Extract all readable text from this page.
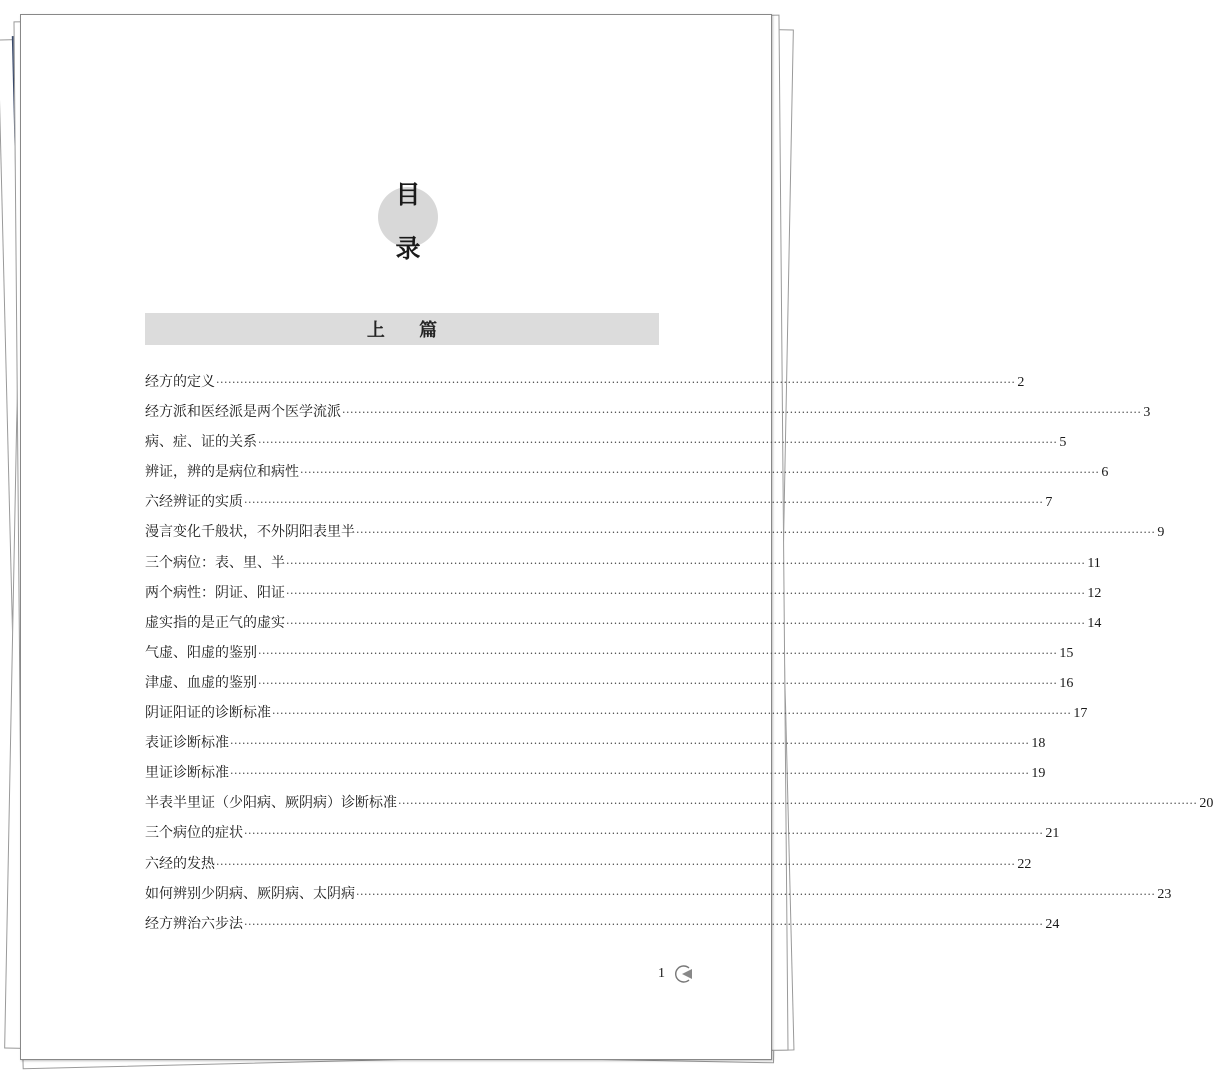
目
录
上 篇
经方的定义 ········································································································································································································ 2
经方派和医经派是两个医学流派 ········································································································································································································ 3
病、症、证的关系 ········································································································································································································ 5
辨证，辨的是病位和病性 ········································································································································································································ 6
六经辨证的实质 ········································································································································································································ 7
漫言变化千般状，不外阴阳表里半 ········································································································································································································ 9
三个病位：表、里、半 ········································································································································································································ 11
两个病性：阴证、阳证 ········································································································································································································ 12
虚实指的是正气的虚实 ········································································································································································································ 14
气虚、阳虚的鉴别 ········································································································································································································ 15
津虚、血虚的鉴别 ········································································································································································································ 16
阴证阳证的诊断标准 ········································································································································································································ 17
表证诊断标准 ········································································································································································································ 18
里证诊断标准 ········································································································································································································ 19
半表半里证（少阳病、厥阴病）诊断标准 ········································································································································································································ 20
三个病位的症状 ········································································································································································································ 21
六经的发热 ········································································································································································································ 22
如何辨别少阴病、厥阴病、太阴病 ········································································································································································································ 23
经方辨治六步法 ········································································································································································································ 24
1
